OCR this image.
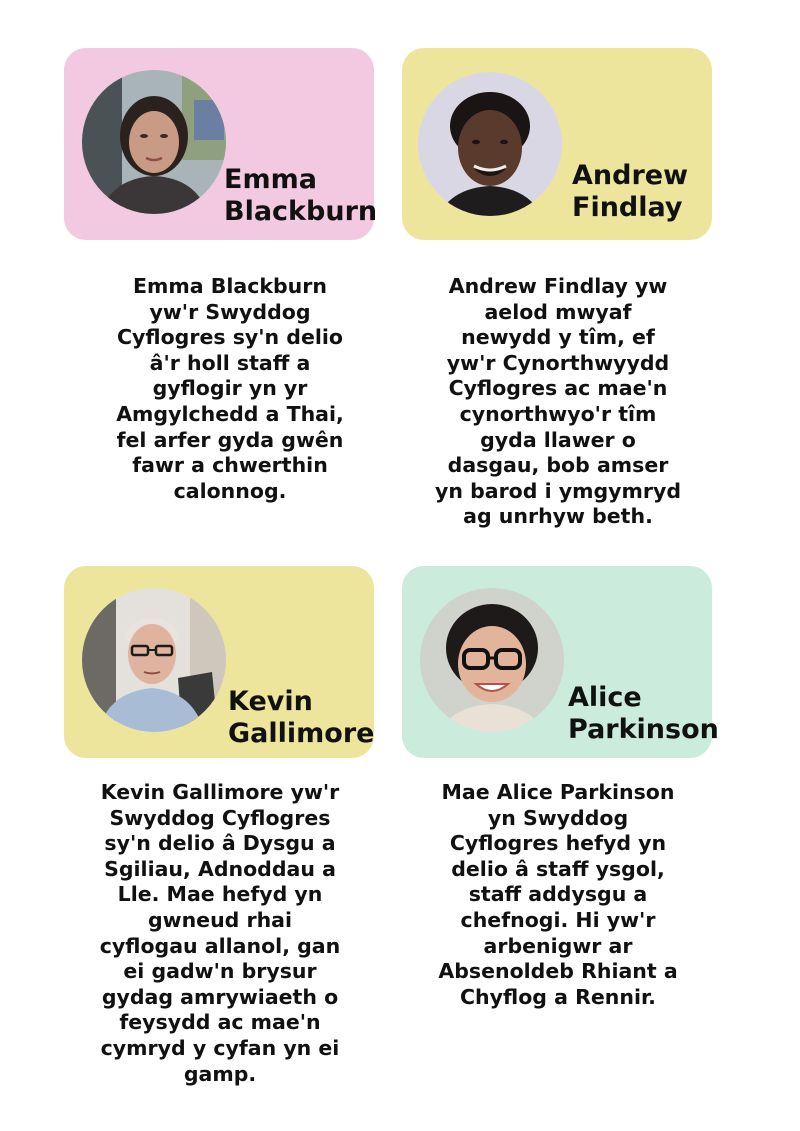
Emma
Blackburn
Andrew
Findlay
Emma Blackburn
yw'r Swyddog
Cyflogres sy'n delio
â'r holl staff a
gyflogir yn yr
Amgylchedd a Thai,
fel arfer gyda gwên
fawr a chwerthin
calonnog.
Andrew Findlay yw
aelod mwyaf
newydd y tîm, ef
yw'r Cynorthwyydd
Cyflogres ac mae'n
cynorthwyo'r tîm
gyda llawer o
dasgau, bob amser
yn barod i ymgymryd
ag unrhyw beth.
Kevin
Gallimore
Alice
Parkinson
Kevin Gallimore yw'r
Swyddog Cyflogres
sy'n delio â Dysgu a
Sgiliau, Adnoddau a
Lle. Mae hefyd yn
gwneud rhai
cyflogau allanol, gan
ei gadw'n brysur
gydag amrywiaeth o
feysydd ac mae'n
cymryd y cyfan yn ei
gamp.
Mae Alice Parkinson
yn Swyddog
Cyflogres hefyd yn
delio â staff ysgol,
staff addysgu a
chefnogi. Hi yw'r
arbenigwr ar
Absenoldeb Rhiant a
Chyflog a Rennir.
